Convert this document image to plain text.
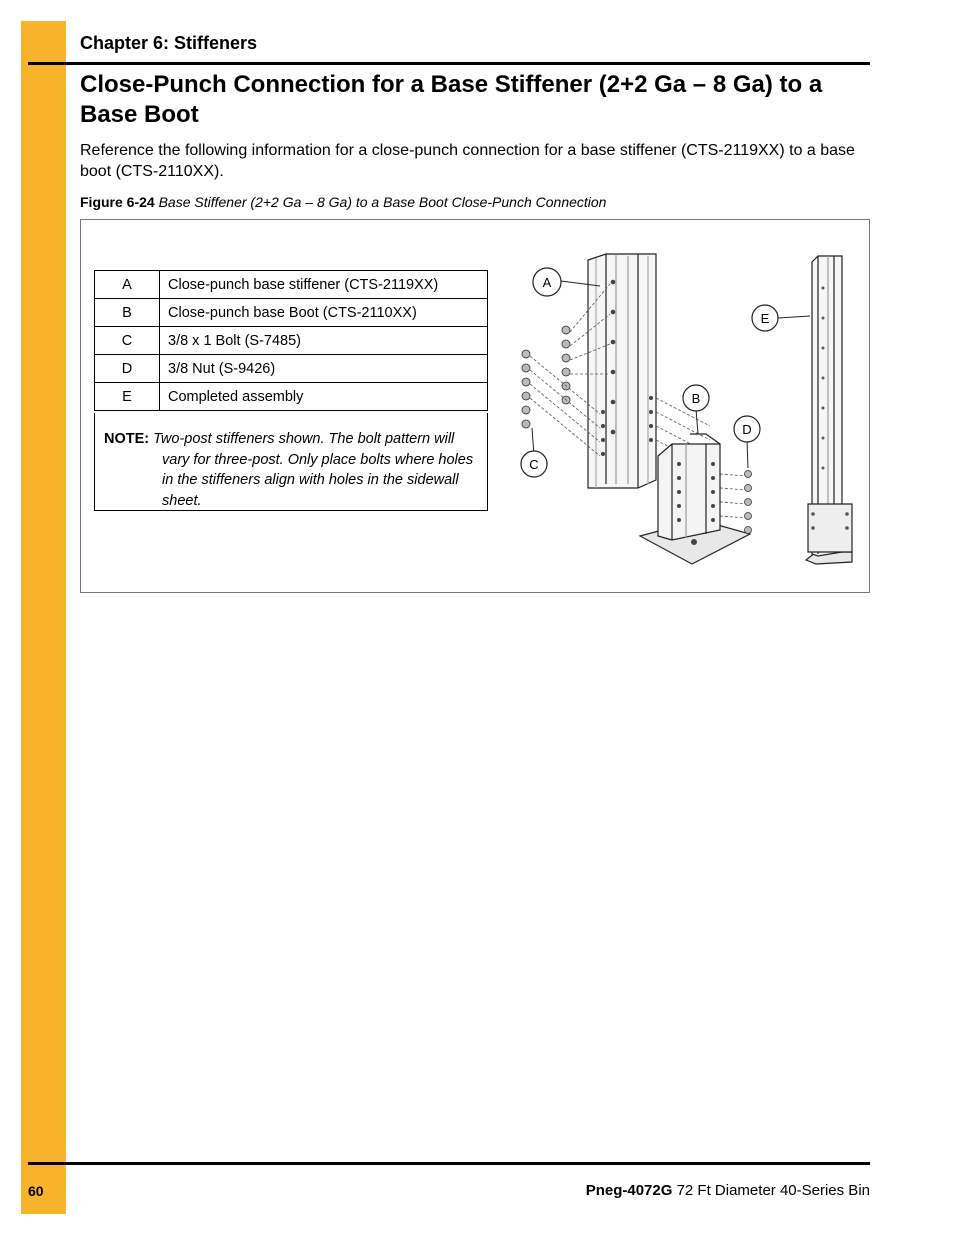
Chapter 6: Stiffeners
Close-Punch Connection for a Base Stiffener (2+2 Ga – 8 Ga) to a Base Boot
Reference the following information for a close-punch connection for a base stiffener (CTS-2119XX) to a base boot (CTS-2110XX).
Figure 6-24 Base Stiffener (2+2 Ga – 8 Ga) to a Base Boot Close-Punch Connection
A	Close-punch base stiffener (CTS-2119XX)
B	Close-punch base Boot (CTS-2110XX)
C	3/8 x 1 Bolt (S-7485)
D	3/8 Nut (S-9426)
E	Completed assembly
NOTE: Two-post stiffeners shown. The bolt pattern will
vary for three-post. Only place bolts where holes in the stiffeners align with holes in the sidewall sheet.
A
B
C
D
E
60	Pneg-4072G 72 Ft Diameter 40-Series Bin
